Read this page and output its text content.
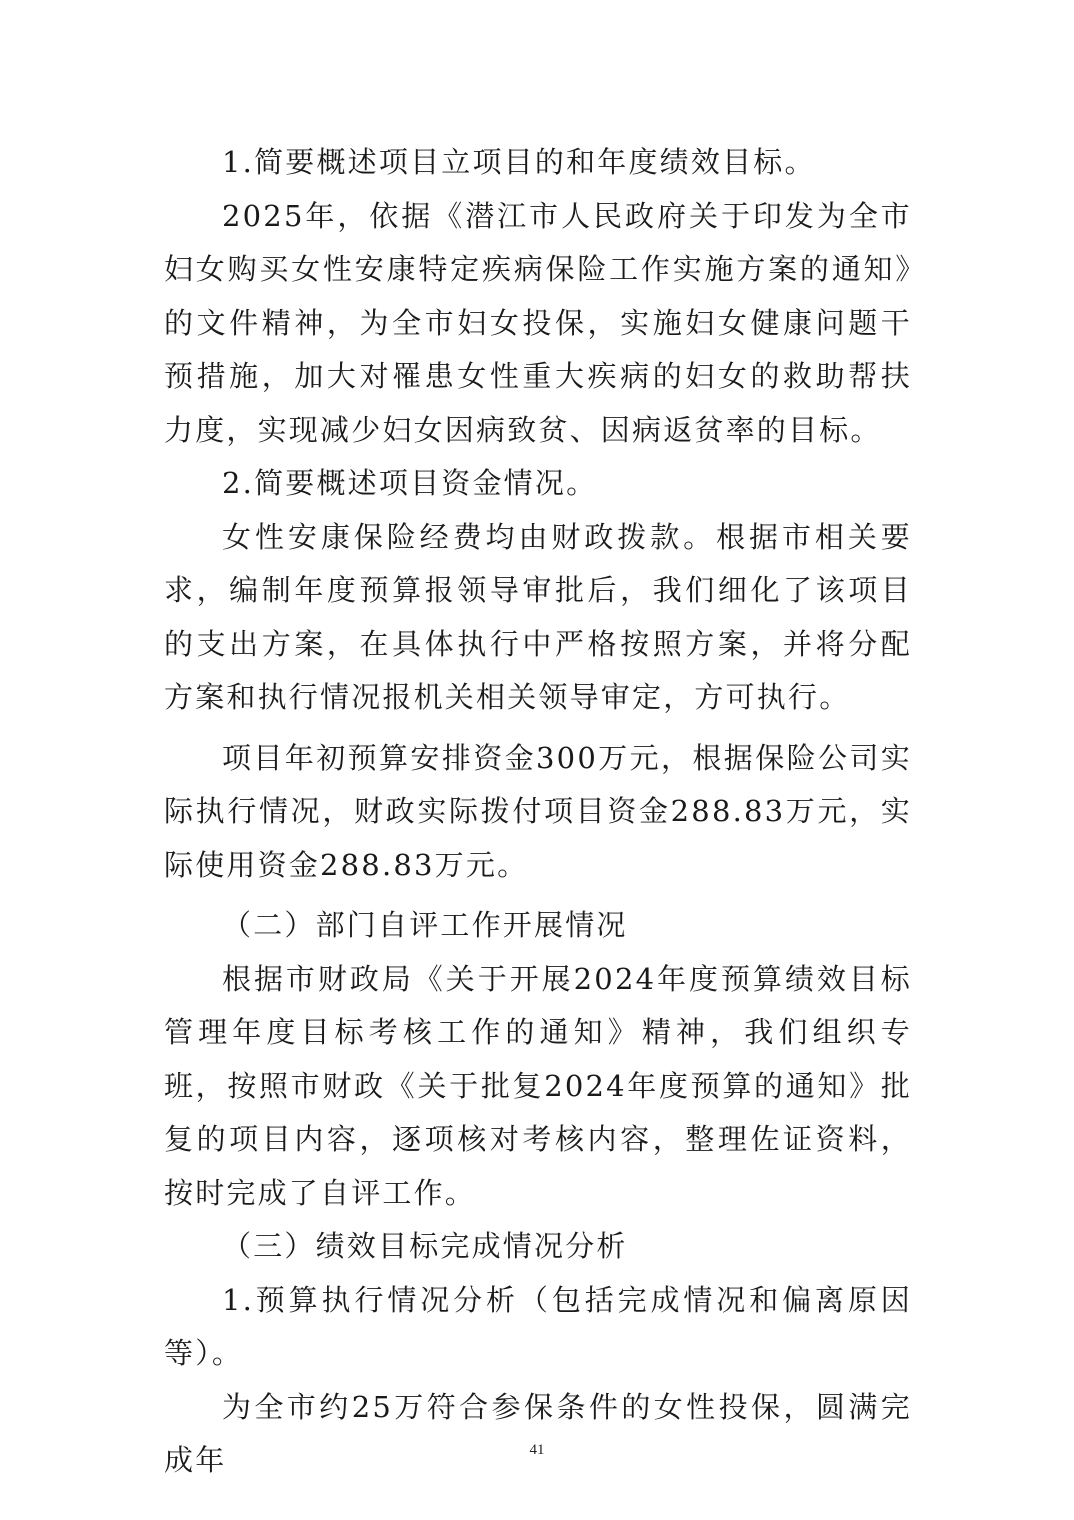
1.简要概述项目立项目的和年度绩效目标。

2025年，依据《潜江市人民政府关于印发为全市妇女购买女性安康特定疾病保险工作实施方案的通知》的文件精神，为全市妇女投保，实施妇女健康问题干预措施，加大对罹患女性重大疾病的妇女的救助帮扶力度，实现减少妇女因病致贫、因病返贫率的目标。

2.简要概述项目资金情况。

女性安康保险经费均由财政拨款。根据市相关要求，编制年度预算报领导审批后，我们细化了该项目的支出方案，在具体执行中严格按照方案，并将分配方案和执行情况报机关相关领导审定，方可执行。

项目年初预算安排资金300万元，根据保险公司实际执行情况，财政实际拨付项目资金288.83万元，实际使用资金288.83万元。

（二）部门自评工作开展情况

根据市财政局《关于开展2024年度预算绩效目标管理年度目标考核工作的通知》精神，我们组织专班，按照市财政《关于批复2024年度预算的通知》批复的项目内容，逐项核对考核内容，整理佐证资料，按时完成了自评工作。

（三）绩效目标完成情况分析

1.预算执行情况分析（包括完成情况和偏离原因等）。

为全市约25万符合参保条件的女性投保，圆满完成年	41
